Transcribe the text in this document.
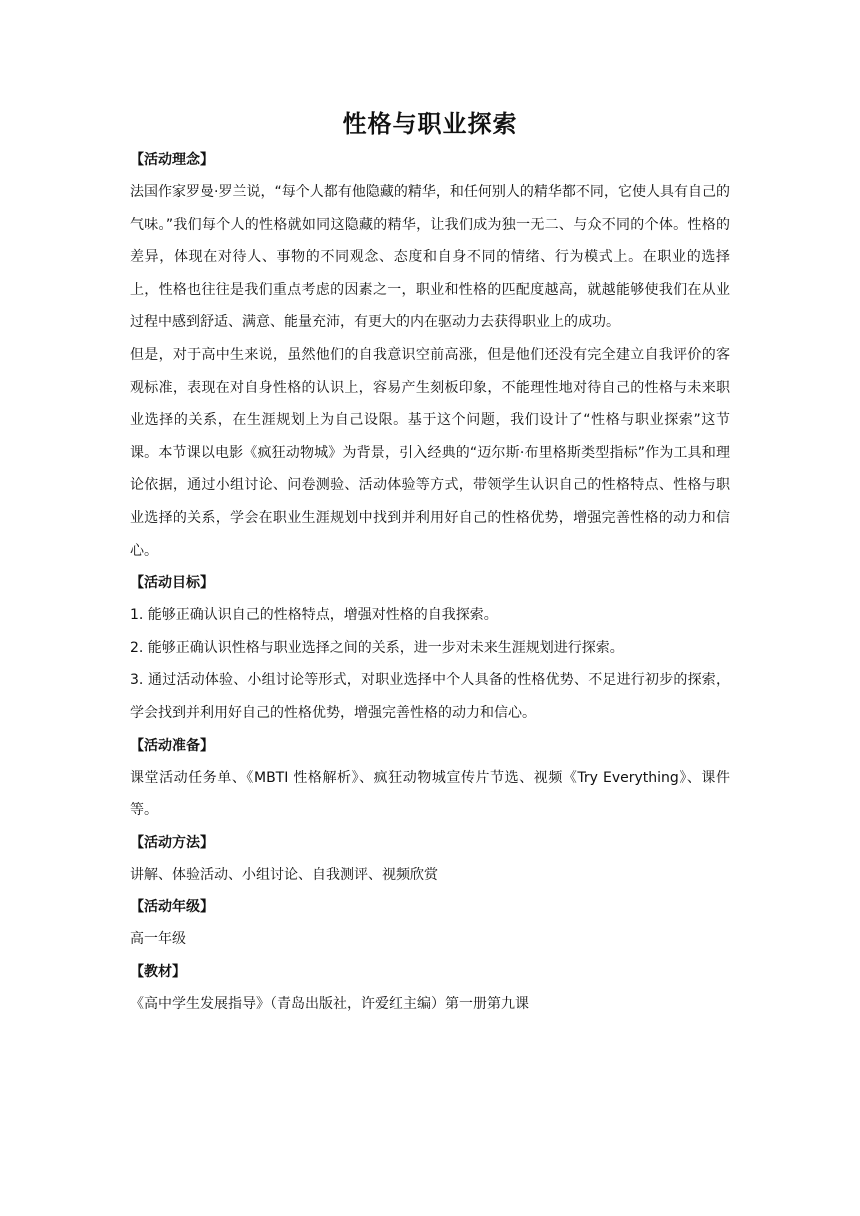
性格与职业探索

【活动理念】

法国作家罗曼·罗兰说，“每个人都有他隐藏的精华，和任何别人的精华都不同，它使人具有自己的气味。”我们每个人的性格就如同这隐藏的精华，让我们成为独一无二、与众不同的个体。性格的差异，体现在对待人、事物的不同观念、态度和自身不同的情绪、行为模式上。在职业的选择上，性格也往往是我们重点考虑的因素之一，职业和性格的匹配度越高，就越能够使我们在从业过程中感到舒适、满意、能量充沛，有更大的内在驱动力去获得职业上的成功。

但是，对于高中生来说，虽然他们的自我意识空前高涨，但是他们还没有完全建立自我评价的客观标准，表现在对自身性格的认识上，容易产生刻板印象，不能理性地对待自己的性格与未来职业选择的关系，在生涯规划上为自己设限。基于这个问题，我们设计了“性格与职业探索”这节课。本节课以电影《疯狂动物城》为背景，引入经典的“迈尔斯·布里格斯类型指标”作为工具和理论依据，通过小组讨论、问卷测验、活动体验等方式，带领学生认识自己的性格特点、性格与职业选择的关系，学会在职业生涯规划中找到并利用好自己的性格优势，增强完善性格的动力和信心。

【活动目标】

1. 能够正确认识自己的性格特点，增强对性格的自我探索。

2. 能够正确认识性格与职业选择之间的关系，进一步对未来生涯规划进行探索。

3. 通过活动体验、小组讨论等形式，对职业选择中个人具备的性格优势、不足进行初步的探索，学会找到并利用好自己的性格优势，增强完善性格的动力和信心。

【活动准备】

课堂活动任务单、《MBTI 性格解析》、疯狂动物城宣传片节选、视频《Try Everything》、课件等。

【活动方法】

讲解、体验活动、小组讨论、自我测评、视频欣赏

【活动年级】

高一年级

【教材】

《高中学生发展指导》（青岛出版社，许爱红主编）第一册第九课
